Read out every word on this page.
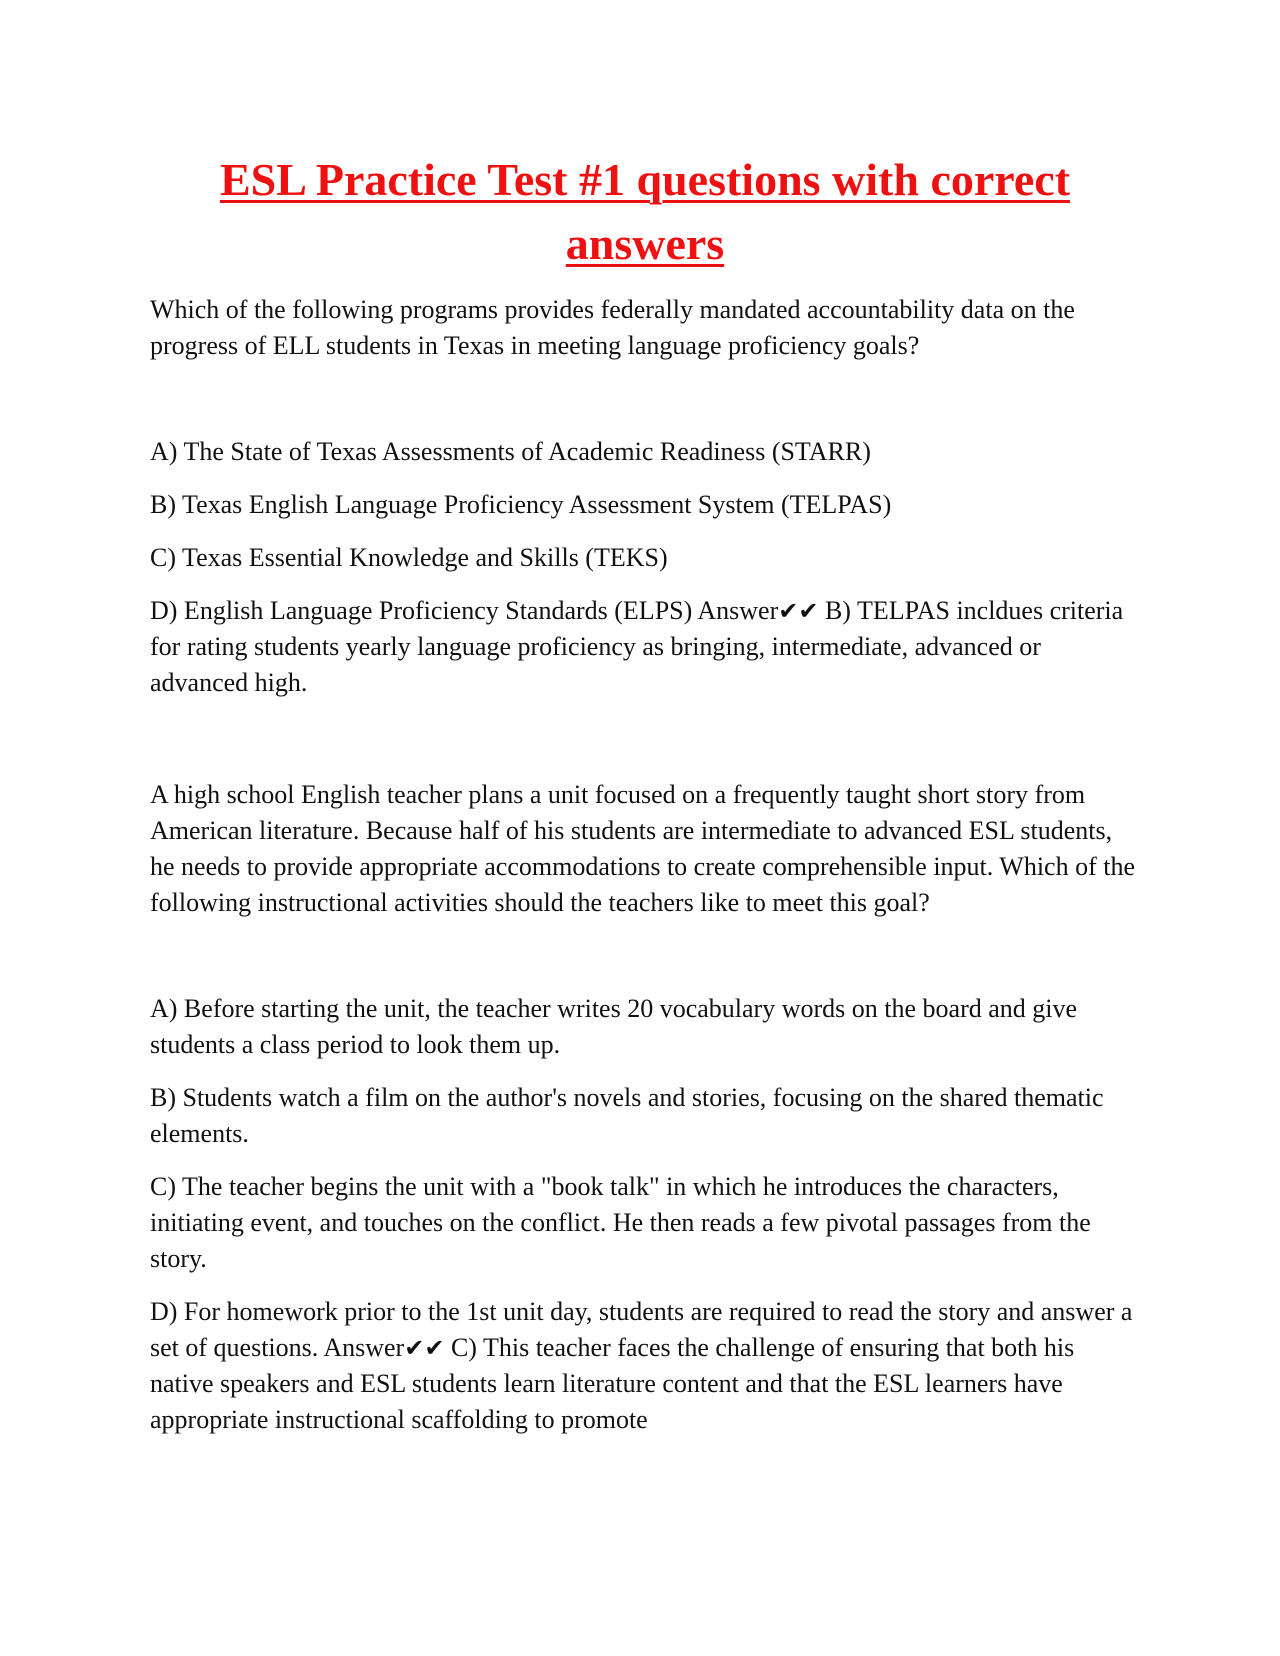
ESL Practice Test #1 questions with correct answers

Which of the following programs provides federally mandated accountability data on the progress of ELL students in Texas in meeting language proficiency goals?

A) The State of Texas Assessments of Academic Readiness (STARR)

B) Texas English Language Proficiency Assessment System (TELPAS)

C) Texas Essential Knowledge and Skills (TEKS)

D) English Language Proficiency Standards (ELPS) Answer✔✔ B) TELPAS incldues criteria for rating students yearly language proficiency as bringing, intermediate, advanced or advanced high.

A high school English teacher plans a unit focused on a frequently taught short story from American literature. Because half of his students are intermediate to advanced ESL students, he needs to provide appropriate accommodations to create comprehensible input. Which of the following instructional activities should the teachers like to meet this goal?

A) Before starting the unit, the teacher writes 20 vocabulary words on the board and give students a class period to look them up.

B) Students watch a film on the author's novels and stories, focusing on the shared thematic elements.

C) The teacher begins the unit with a "book talk" in which he introduces the characters, initiating event, and touches on the conflict. He then reads a few pivotal passages from the story.

D) For homework prior to the 1st unit day, students are required to read the story and answer a set of questions. Answer✔✔ C) This teacher faces the challenge of ensuring that both his native speakers and ESL students learn literature content and that the ESL learners have appropriate instructional scaffolding to promote
